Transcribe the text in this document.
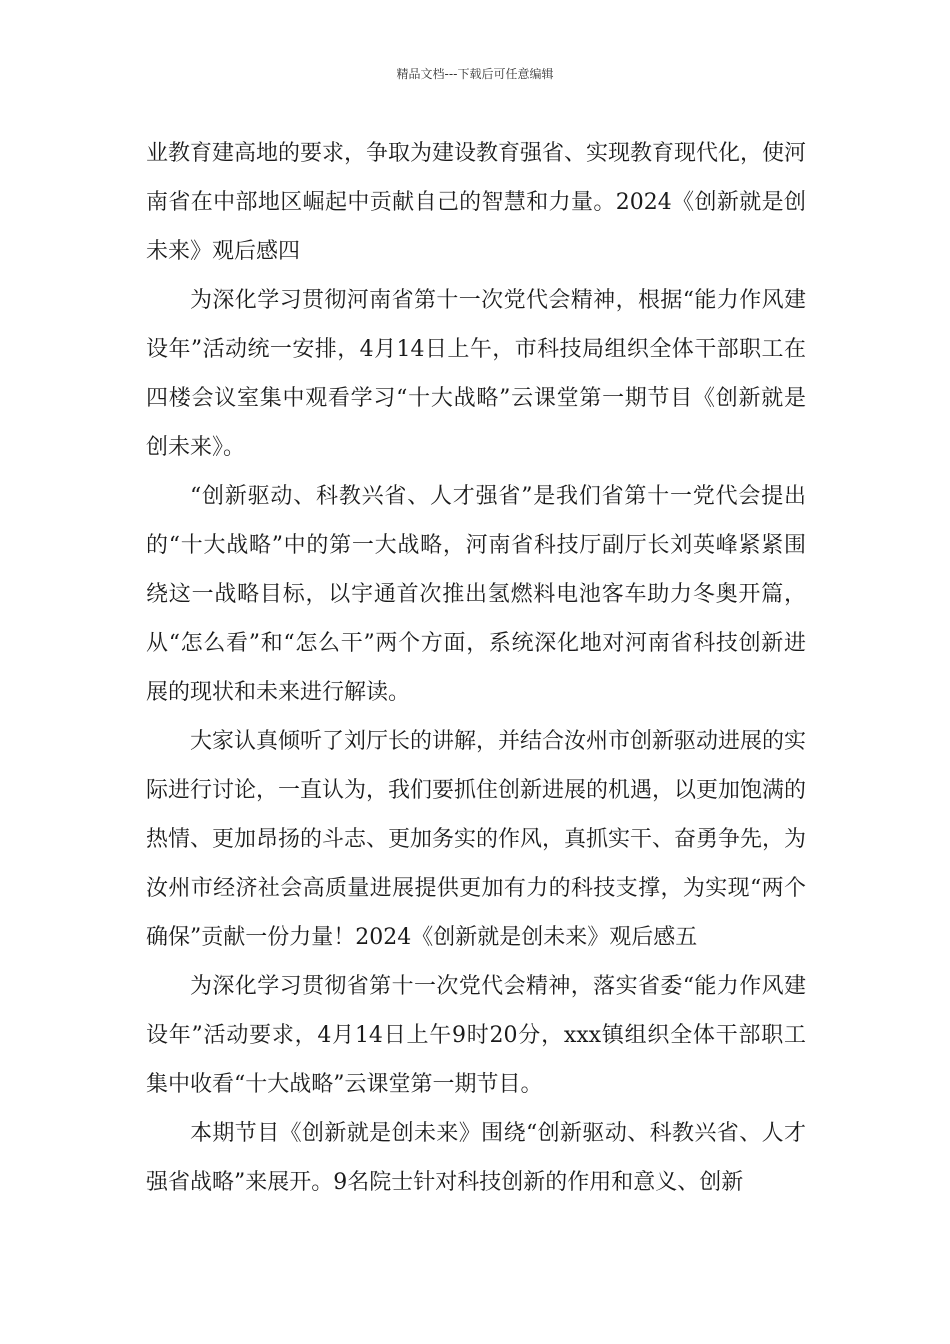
精品文档---下载后可任意编辑

业教育建高地的要求，争取为建设教育强省、实现教育现代化，使河南省在中部地区崛起中贡献自己的智慧和力量。2024《创新就是创未来》观后感四

为深化学习贯彻河南省第十一次党代会精神，根据“能力作风建设年”活动统一安排，4月14日上午，市科技局组织全体干部职工在四楼会议室集中观看学习“十大战略”云课堂第一期节目《创新就是创未来》。

“创新驱动、科教兴省、人才强省”是我们省第十一党代会提出的“十大战略”中的第一大战略，河南省科技厅副厅长刘英峰紧紧围绕这一战略目标，以宇通首次推出氢燃料电池客车助力冬奥开篇，从“怎么看”和“怎么干”两个方面，系统深化地对河南省科技创新进展的现状和未来进行解读。

大家认真倾听了刘厅长的讲解，并结合汝州市创新驱动进展的实际进行讨论，一直认为，我们要抓住创新进展的机遇，以更加饱满的热情、更加昂扬的斗志、更加务实的作风，真抓实干、奋勇争先，为汝州市经济社会高质量进展提供更加有力的科技支撑，为实现“两个确保”贡献一份力量！2024《创新就是创未来》观后感五

为深化学习贯彻省第十一次党代会精神，落实省委“能力作风建设年”活动要求，4月14日上午9时20分，xxx镇组织全体干部职工集中收看“十大战略”云课堂第一期节目。

本期节目《创新就是创未来》围绕“创新驱动、科教兴省、人才强省战略”来展开。9名院士针对科技创新的作用和意义、创新
